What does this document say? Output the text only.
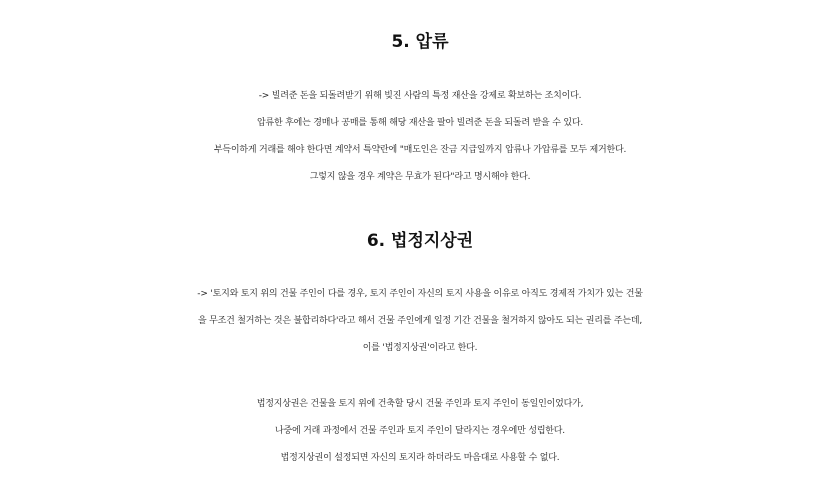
5. 압류

-> 빌려준 돈을 되돌려받기 위해 빚진 사람의 특정 재산을 강제로 확보하는 조치이다.

압류한 후에는 경매나 공매를 통해 해당 재산을 팔아 빌려준 돈을 되돌려 받을 수 있다.

부득이하게 거래를 해야 한다면 계약서 특약란에 "매도인은 잔금 지급일까지 압류나 가압류를 모두 제거한다.

그렇지 않을 경우 계약은 무효가 된다"라고 명시해야 한다.

6. 법정지상권

-> '토지와 토지 위의 건물 주인이 다를 경우, 토지 주인이 자신의 토지 사용을 이유로 아직도 경제적 가치가 있는 건물

을 무조건 철거하는 것은 불합리하다'라고 해서 건물 주인에게 일정 기간 건물을 철거하지 않아도 되는 권리를 주는데,

이를 '법정지상권'이라고 한다.

법정지상권은 건물을 토지 위에 건축할 당시 건물 주인과 토지 주인이 동일인이었다가,

나중에 거래 과정에서 건물 주인과 토지 주인이 달라지는 경우에만 성립한다.

법정지상권이 설정되면 자신의 토지라 하더라도 마음대로 사용할 수 없다.
